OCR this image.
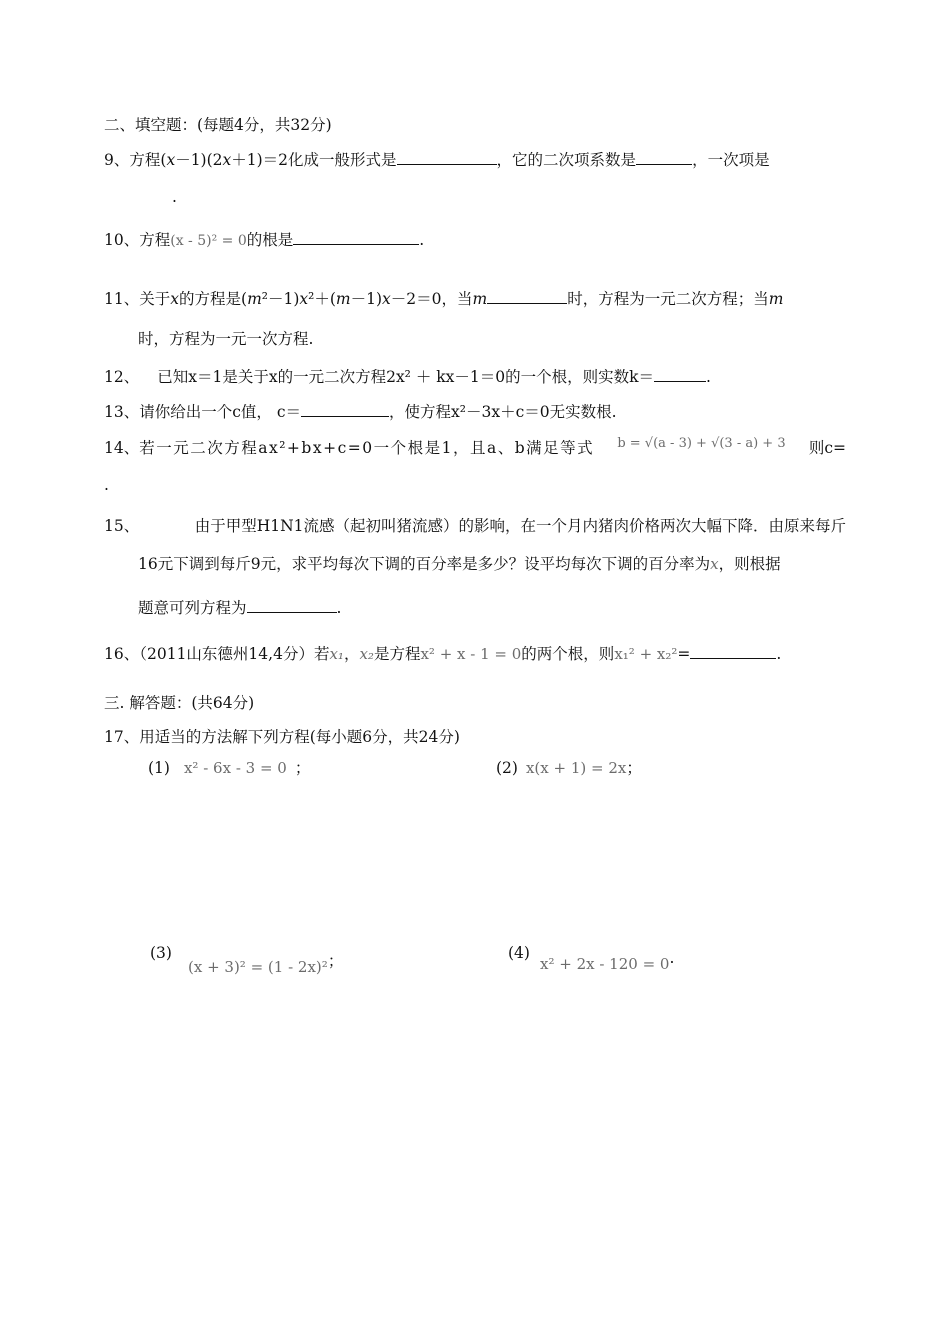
二、填空题：(每题4分，共32分)
9、方程(x－1)(2x＋1)＝2化成一般形式是	，它的二次项系数是	，一次项是
.
10、方程(x - 5)² = 0的根是	.
11、关于x的方程是(m²－1)x²＋(m－1)x－2＝0，当m	时，方程为一元二次方程；当m
时，方程为一元一次方程.
12、 已知x＝1是关于x的一元二次方程2x² ＋ kx－1＝0的一个根，则实数k＝	.
13、请你给出一个c值， c＝	，使方程x²－3x＋c＝0无实数根.
14、若一元二次方程ax²+bx+c=0一个根是1，且a、b满足等式 b = √(a - 3) + √(3 - a) + 3 则c=
.
15、	由于甲型H1N1流感（起初叫猪流感）的影响，在一个月内猪肉价格两次大幅下降．由原来每斤
16元下调到每斤9元，求平均每次下调的百分率是多少？设平均每次下调的百分率为x，则根据
题意可列方程为	.
16、（2011山东德州14,4分）若x₁，x₂是方程x² + x - 1 = 0的两个根，则x₁² + x₂²=	.
三. 解答题：(共64分)
17、用适当的方法解下列方程(每小题6分，共24分)
(1) x² - 6x - 3 = 0 ；	(2) x(x + 1) = 2x；
(3)
(x + 3)² = (1 - 2x)²；	(4)
x² + 2x - 120 = 0.
